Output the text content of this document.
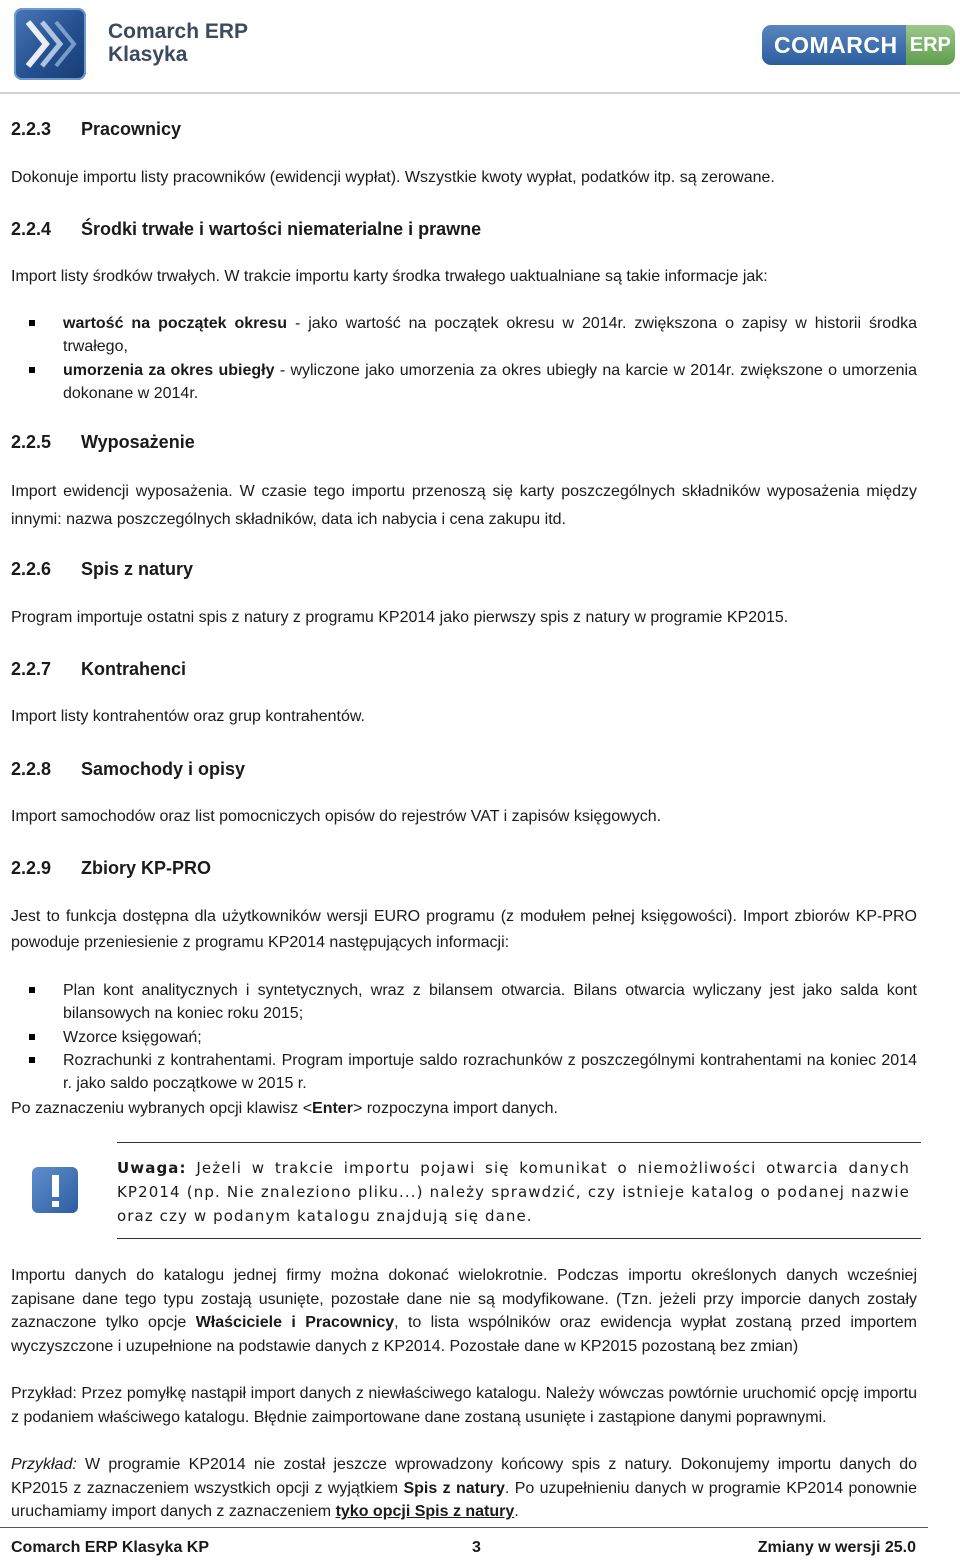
Comarch ERP
Klasyka	COMARCH ERP
2.2.3 Pracownicy
Dokonuje importu listy pracowników (ewidencji wypłat). Wszystkie kwoty wypłat, podatków itp. są zerowane.
2.2.4 Środki trwałe i wartości niematerialne i prawne
Import listy środków trwałych. W trakcie importu karty środka trwałego uaktualniane są takie informacje jak:
wartość na początek okresu - jako wartość na początek okresu w 2014r. zwiększona o zapisy w historii środka trwałego,
umorzenia za okres ubiegły - wyliczone jako umorzenia za okres ubiegły na karcie w 2014r. zwiększone o umorzenia dokonane w 2014r.
2.2.5 Wyposażenie
Import ewidencji wyposażenia. W czasie tego importu przenoszą się karty poszczególnych składników wyposażenia między innymi: nazwa poszczególnych składników, data ich nabycia i cena zakupu itd.
2.2.6 Spis z natury
Program importuje ostatni spis z natury z programu KP2014 jako pierwszy spis z natury w programie KP2015.
2.2.7 Kontrahenci
Import listy kontrahentów oraz grup kontrahentów.
2.2.8 Samochody i opisy
Import samochodów oraz list pomocniczych opisów do rejestrów VAT i zapisów księgowych.
2.2.9 Zbiory KP-PRO
Jest to funkcja dostępna dla użytkowników wersji EURO programu (z modułem pełnej księgowości). Import zbiorów KP-PRO powoduje przeniesienie z programu KP2014 następujących informacji:
Plan kont analitycznych i syntetycznych, wraz z bilansem otwarcia. Bilans otwarcia wyliczany jest jako salda kont bilansowych na koniec roku 2015;
Wzorce księgowań;
Rozrachunki z kontrahentami. Program importuje saldo rozrachunków z poszczególnymi kontrahentami na koniec 2014 r. jako saldo początkowe w 2015 r.
Po zaznaczeniu wybranych opcji klawisz <Enter> rozpoczyna import danych.
Uwaga: Jeżeli w trakcie importu pojawi się komunikat o niemożliwości otwarcia danych KP2014 (np. Nie znaleziono pliku...) należy sprawdzić, czy istnieje katalog o podanej nazwie oraz czy w podanym katalogu znajdują się dane.
Importu danych do katalogu jednej firmy można dokonać wielokrotnie. Podczas importu określonych danych wcześniej zapisane dane tego typu zostają usunięte, pozostałe dane nie są modyfikowane. (Tzn. jeżeli przy imporcie danych zostały zaznaczone tylko opcje Właściciele i Pracownicy, to lista wspólników oraz ewidencja wypłat zostaną przed importem wyczyszczone i uzupełnione na podstawie danych z KP2014. Pozostałe dane w KP2015 pozostaną bez zmian)
Przykład: Przez pomyłkę nastąpił import danych z niewłaściwego katalogu. Należy wówczas powtórnie uruchomić opcję importu z podaniem właściwego katalogu. Błędnie zaimportowane dane zostaną usunięte i zastąpione danymi poprawnymi.
Przykład: W programie KP2014 nie został jeszcze wprowadzony końcowy spis z natury. Dokonujemy importu danych do KP2015 z zaznaczeniem wszystkich opcji z wyjątkiem Spis z natury. Po uzupełnieniu danych w programie KP2014 ponownie uruchamiamy import danych z zaznaczeniem tyko opcji Spis z natury.
Comarch ERP Klasyka KP	3	Zmiany w wersji 25.0
